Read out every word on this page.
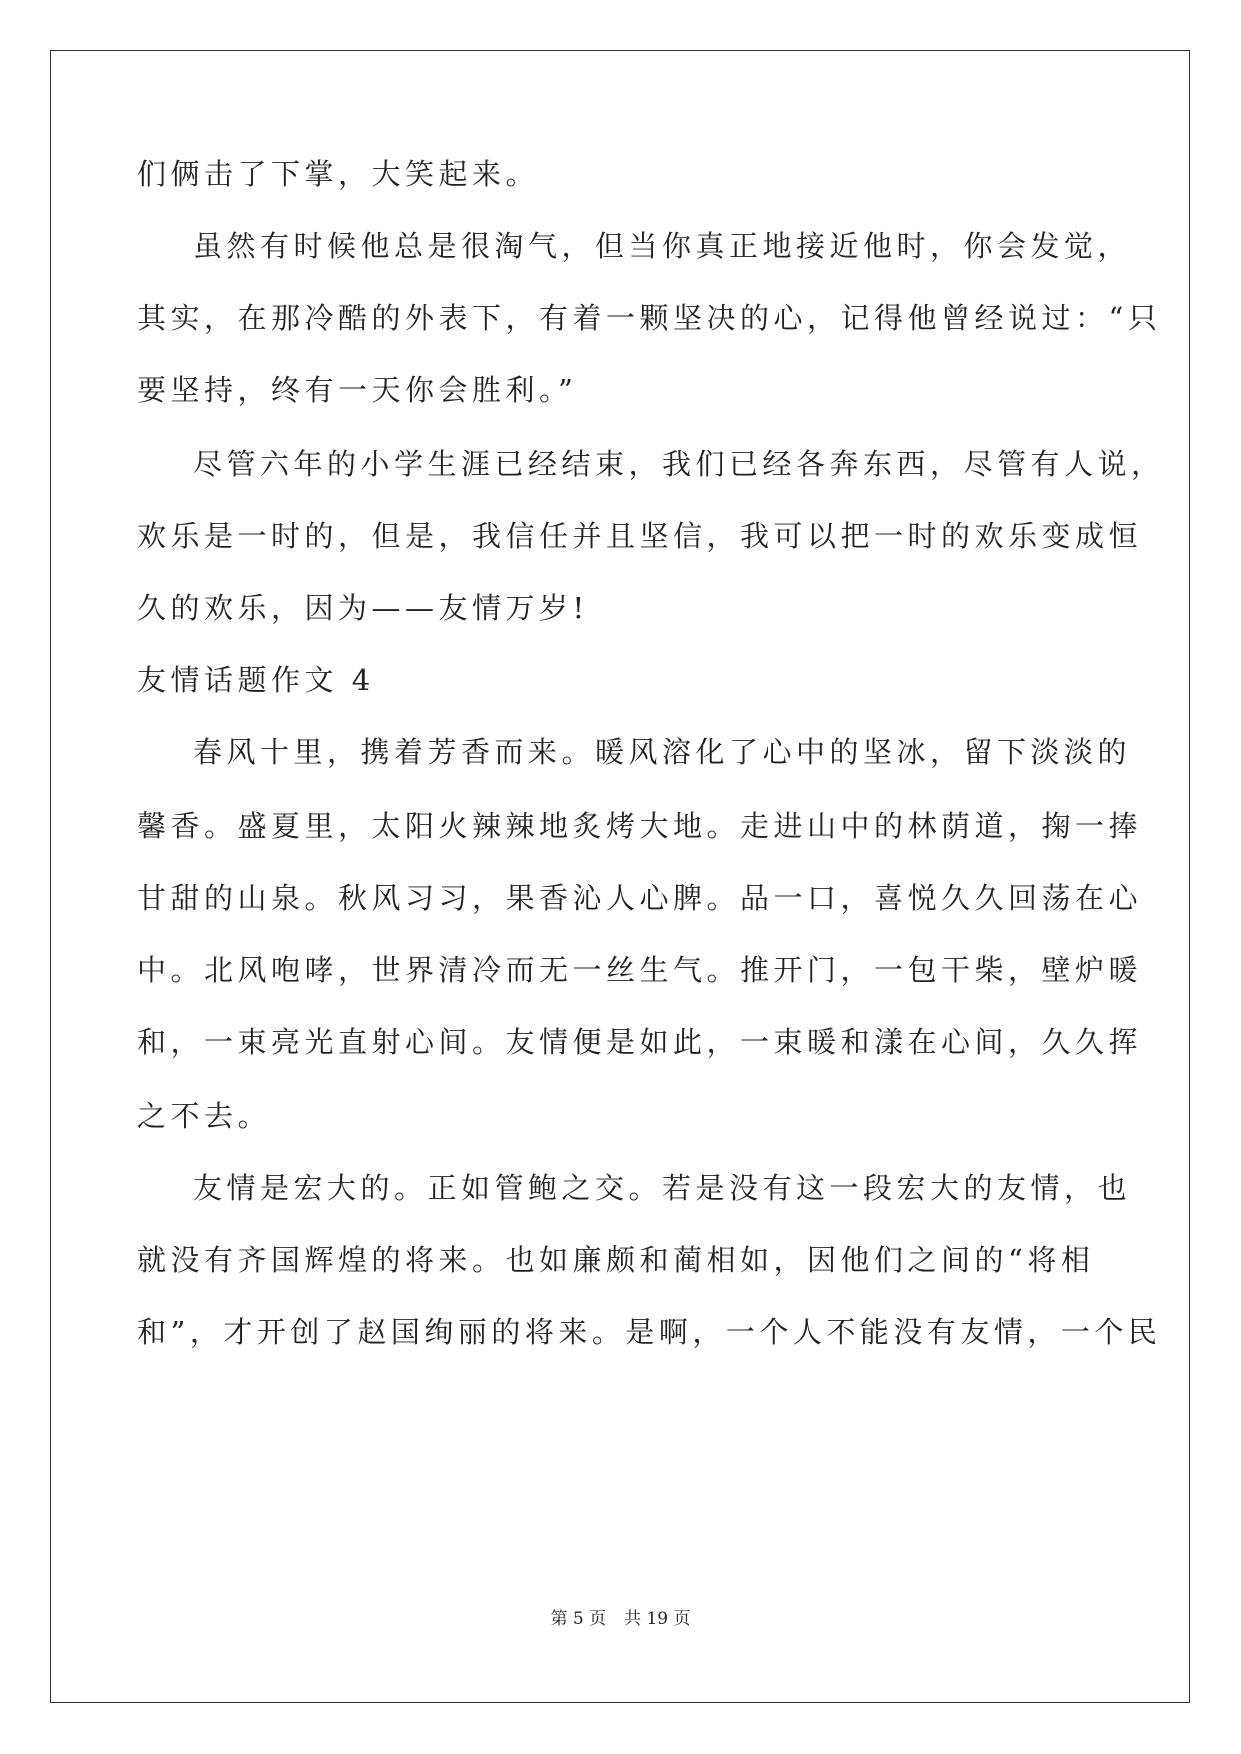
们俩击了下掌，大笑起来。
虽然有时候他总是很淘气，但当你真正地接近他时，你会发觉，
其实，在那冷酷的外表下，有着一颗坚决的心，记得他曾经说过：“只
要坚持，终有一天你会胜利。”
尽管六年的小学生涯已经结束，我们已经各奔东西，尽管有人说，
欢乐是一时的，但是，我信任并且坚信，我可以把一时的欢乐变成恒
久的欢乐，因为——友情万岁!
友情话题作文 4
春风十里，携着芳香而来。暖风溶化了心中的坚冰，留下淡淡的
馨香。盛夏里，太阳火辣辣地炙烤大地。走进山中的林荫道，掬一捧
甘甜的山泉。秋风习习，果香沁人心脾。品一口，喜悦久久回荡在心
中。北风咆哮，世界清冷而无一丝生气。推开门，一包干柴，壁炉暖
和，一束亮光直射心间。友情便是如此，一束暖和漾在心间，久久挥
之不去。
友情是宏大的。正如管鲍之交。若是没有这一段宏大的友情，也
就没有齐国辉煌的将来。也如廉颇和蔺相如，因他们之间的“将相
和”，才开创了赵国绚丽的将来。是啊，一个人不能没有友情，一个民
第 5 页 共 19 页
